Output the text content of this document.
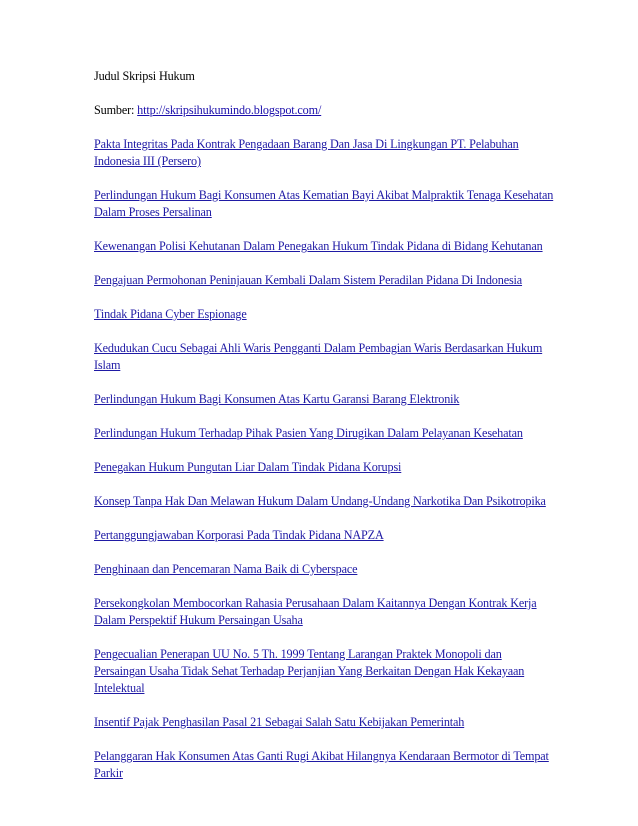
Judul Skripsi Hukum
Sumber: http://skripsihukumindo.blogspot.com/
Pakta Integritas Pada Kontrak Pengadaan Barang Dan Jasa Di Lingkungan PT. Pelabuhan Indonesia III (Persero)
Perlindungan Hukum Bagi Konsumen Atas Kematian Bayi Akibat Malpraktik Tenaga Kesehatan Dalam Proses Persalinan
Kewenangan Polisi Kehutanan Dalam Penegakan Hukum Tindak Pidana di Bidang Kehutanan
Pengajuan Permohonan Peninjauan Kembali Dalam Sistem Peradilan Pidana Di Indonesia
Tindak Pidana Cyber Espionage
Kedudukan Cucu Sebagai Ahli Waris Pengganti Dalam Pembagian Waris Berdasarkan Hukum Islam
Perlindungan Hukum Bagi Konsumen Atas Kartu Garansi Barang Elektronik
Perlindungan Hukum Terhadap Pihak Pasien Yang Dirugikan Dalam Pelayanan Kesehatan
Penegakan Hukum Pungutan Liar Dalam Tindak Pidana Korupsi
Konsep Tanpa Hak Dan Melawan Hukum Dalam Undang-Undang Narkotika Dan Psikotropika
Pertanggungjawaban Korporasi Pada Tindak Pidana NAPZA
Penghinaan dan Pencemaran Nama Baik di Cyberspace
Persekongkolan Membocorkan Rahasia Perusahaan Dalam Kaitannya Dengan Kontrak Kerja Dalam Perspektif Hukum Persaingan Usaha
Pengecualian Penerapan UU No. 5 Th. 1999 Tentang Larangan Praktek Monopoli dan Persaingan Usaha Tidak Sehat Terhadap Perjanjian Yang Berkaitan Dengan Hak Kekayaan Intelektual
Insentif Pajak Penghasilan Pasal 21 Sebagai Salah Satu Kebijakan Pemerintah
Pelanggaran Hak Konsumen Atas Ganti Rugi Akibat Hilangnya Kendaraan Bermotor di Tempat Parkir
